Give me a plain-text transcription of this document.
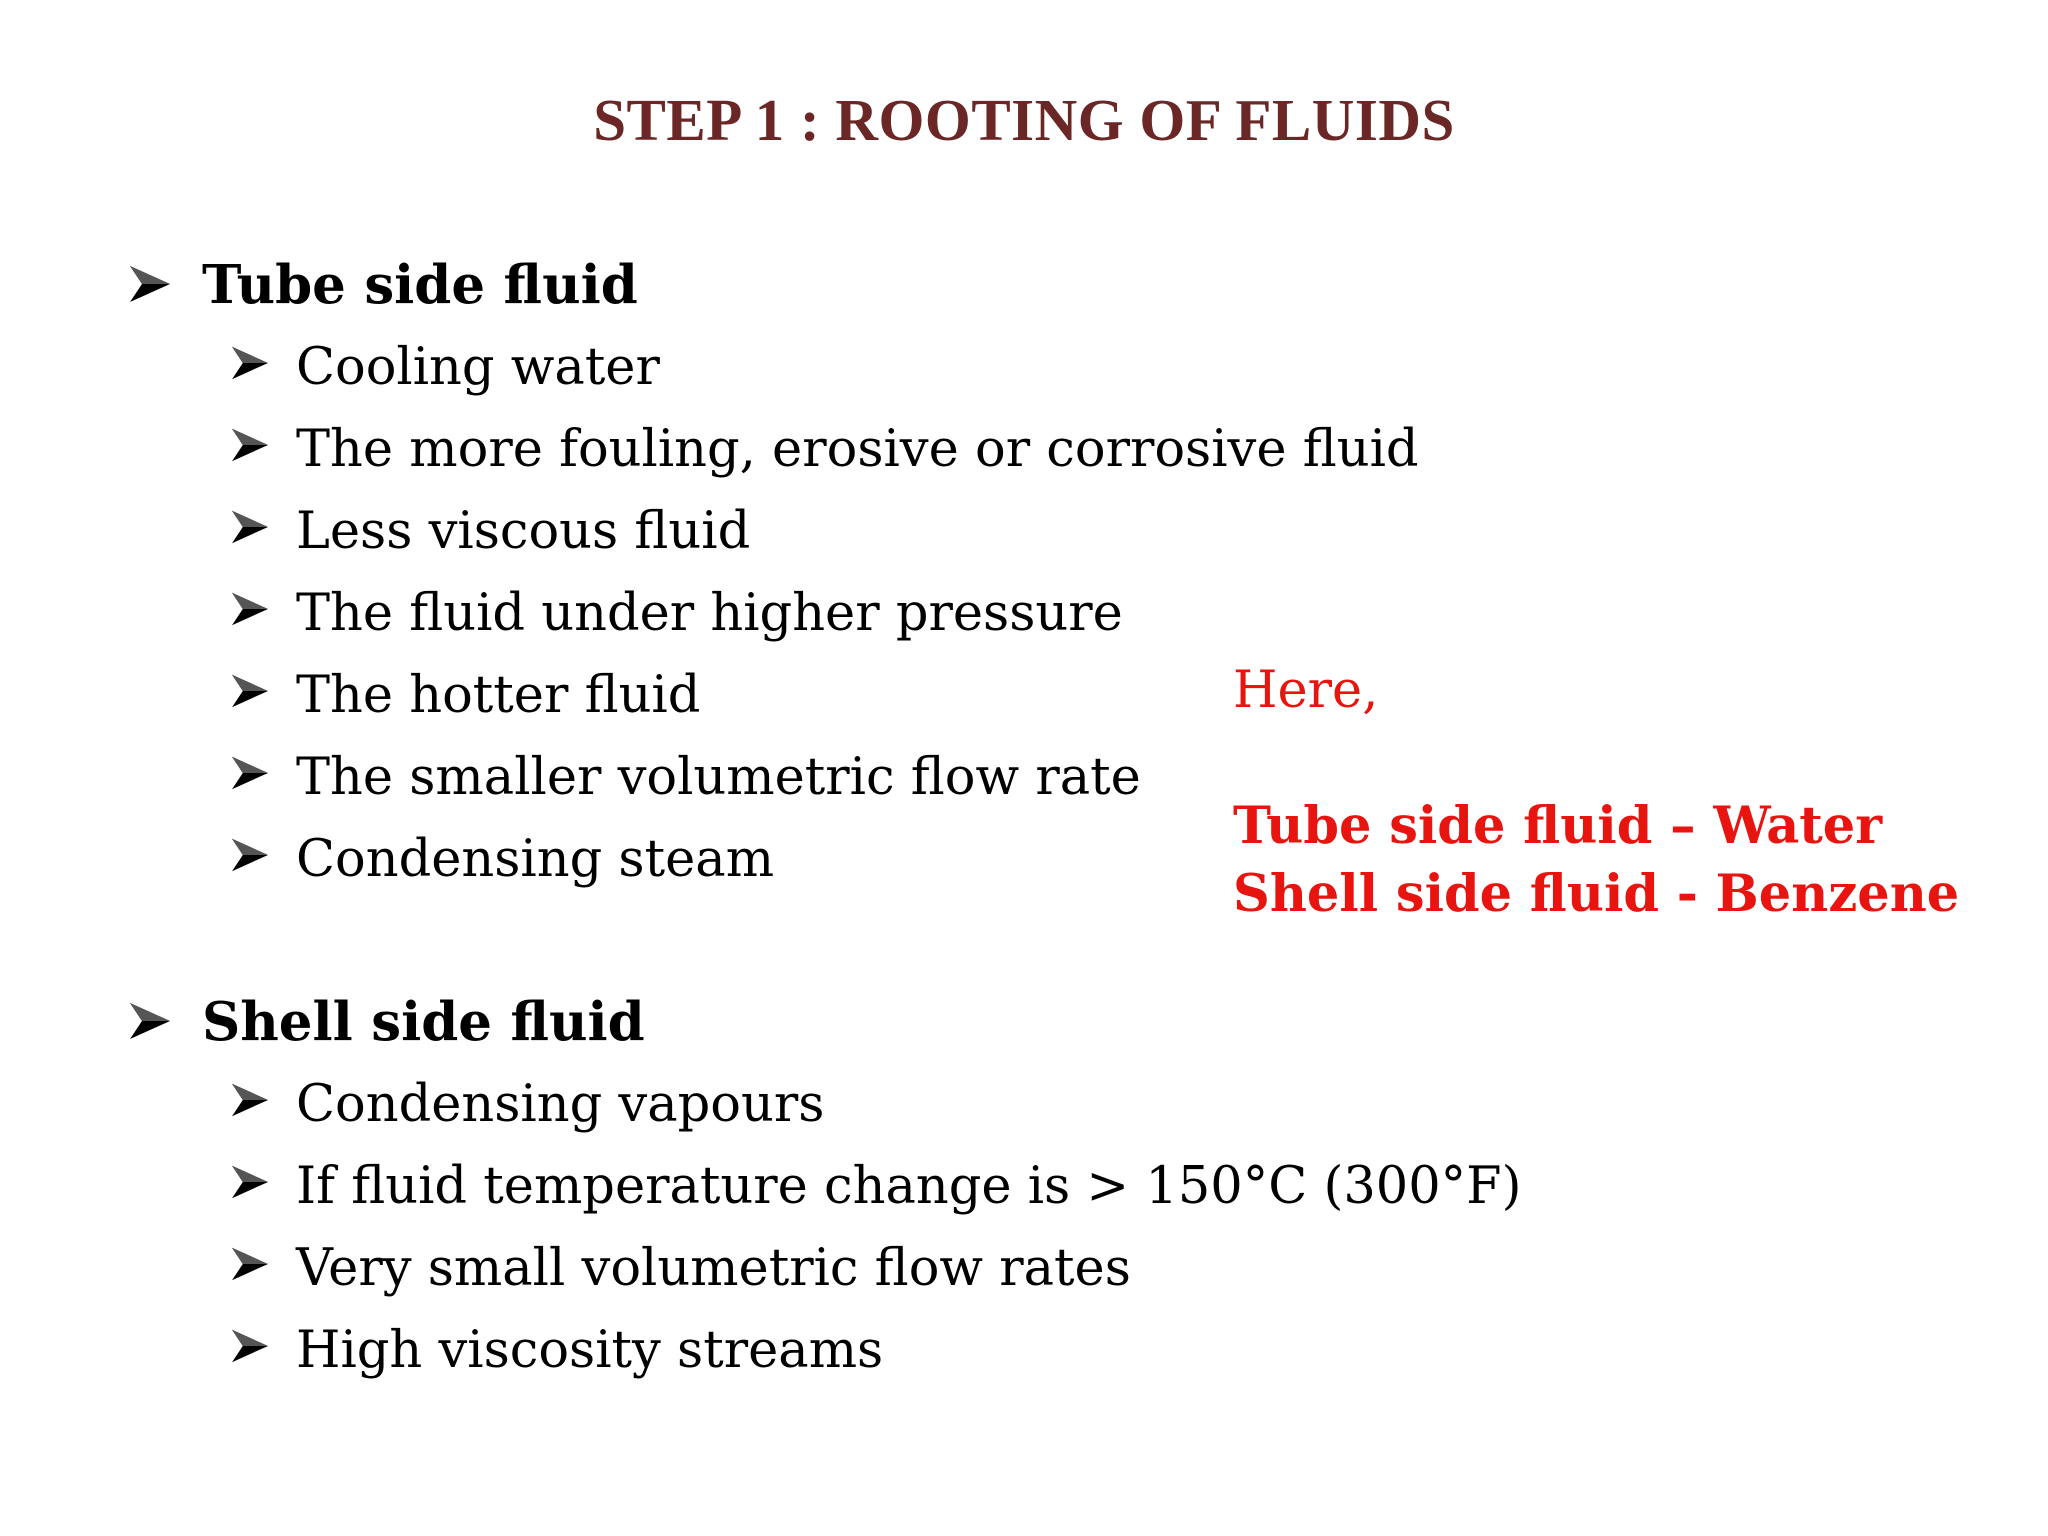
STEP 1 : ROOTING OF FLUIDS
Tube side fluid
Cooling water
The more fouling, erosive or corrosive fluid
Less viscous fluid
The fluid under higher pressure
The hotter fluid
The smaller volumetric flow rate
Condensing steam
Shell side fluid
Condensing vapours
If fluid temperature change is > 150°C (300°F)
Very small volumetric flow rates
High viscosity streams
Here,
Tube side fluid – Water
Shell side fluid - Benzene
